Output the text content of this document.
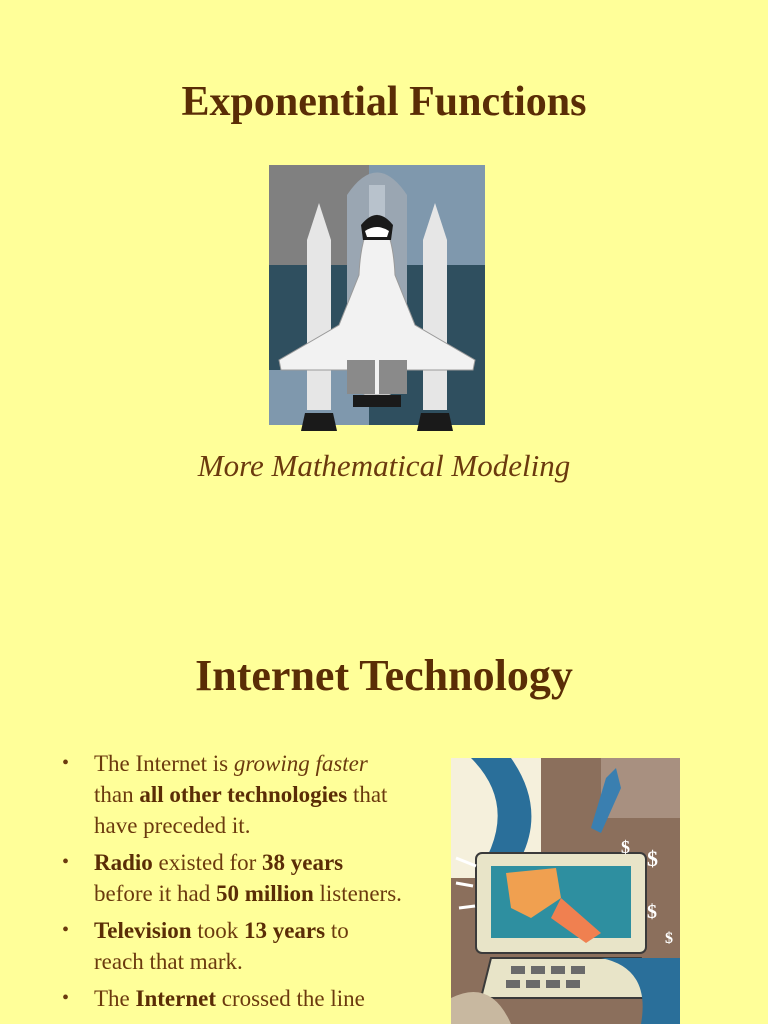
Exponential Functions
More Mathematical Modeling
Internet Technology
• The Internet is growing faster than all other technologies that have preceded it.
• Radio existed for 38 years before it had 50 million listeners.
• Television took 13 years to reach that mark.
• The Internet crossed the line
$
$
$
$
